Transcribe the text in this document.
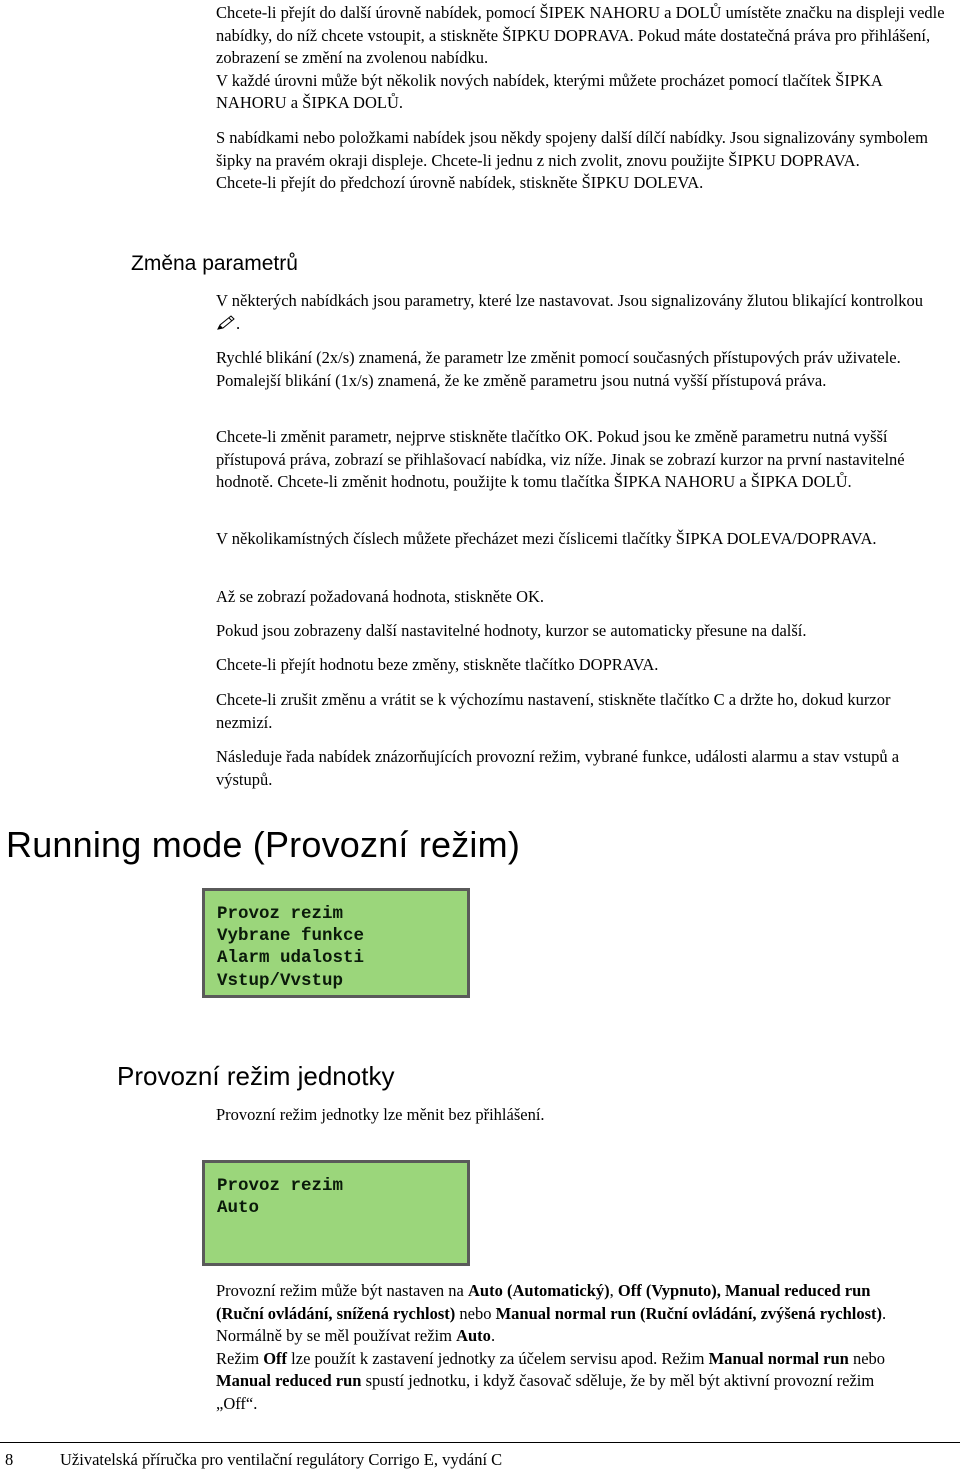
Chcete-li přejít do další úrovně nabídek, pomocí ŠIPEK NAHORU a DOLŮ umístěte značku na displeji vedle nabídky, do níž chcete vstoupit, a stiskněte ŠIPKU DOPRAVA. Pokud máte dostatečná práva pro přihlášení, zobrazení se změní na zvolenou nabídku.
V každé úrovni může být několik nových nabídek, kterými můžete procházet pomocí tlačítek ŠIPKA NAHORU a ŠIPKA DOLŮ.

S nabídkami nebo položkami nabídek jsou někdy spojeny další dílčí nabídky. Jsou signalizovány symbolem šipky na pravém okraji displeje. Chcete-li jednu z nich zvolit, znovu použijte ŠIPKU DOPRAVA.
Chcete-li přejít do předchozí úrovně nabídek, stiskněte ŠIPKU DOLEVA.

Změna parametrů

V některých nabídkách jsou parametry, které lze nastavovat. Jsou signalizovány žlutou blikající kontrolkou .

Rychlé blikání (2x/s) znamená, že parametr lze změnit pomocí současných přístupových práv uživatele.
Pomalejší blikání (1x/s) znamená, že ke změně parametru jsou nutná vyšší přístupová práva.

Chcete-li změnit parametr, nejprve stiskněte tlačítko OK. Pokud jsou ke změně parametru nutná vyšší přístupová práva, zobrazí se přihlašovací nabídka, viz níže. Jinak se zobrazí kurzor na první nastavitelné hodnotě. Chcete-li změnit hodnotu, použijte k tomu tlačítka ŠIPKA NAHORU a ŠIPKA DOLŮ.

V několikamístných číslech můžete přecházet mezi číslicemi tlačítky ŠIPKA DOLEVA/DOPRAVA.

Až se zobrazí požadovaná hodnota, stiskněte OK.

Pokud jsou zobrazeny další nastavitelné hodnoty, kurzor se automaticky přesune na další.

Chcete-li přejít hodnotu beze změny, stiskněte tlačítko DOPRAVA.

Chcete-li zrušit změnu a vrátit se k výchozímu nastavení, stiskněte tlačítko C a držte ho, dokud kurzor nezmizí.

Následuje řada nabídek znázorňujících provozní režim, vybrané funkce, události alarmu a stav vstupů a výstupů.

Running mode (Provozní režim)
Provoz rezim
Vybrane funkce
Alarm udalosti
Vstup/Vvstup
Provozní režim jednotky

Provozní režim jednotky lze měnit bez přihlášení.

Provoz rezim
Auto

Provozní režim může být nastaven na Auto (Automatický), Off (Vypnuto), Manual reduced run (Ruční ovládání, snížená rychlost) nebo Manual normal run (Ruční ovládání, zvýšená rychlost). Normálně by se měl používat režim Auto.
Režim Off lze použít k zastavení jednotky za účelem servisu apod. Režim Manual normal run nebo Manual reduced run spustí jednotku, i když časovač sděluje, že by měl být aktivní provozní režim „Off“.

8	Uživatelská příručka pro ventilační regulátory Corrigo E, vydání C
